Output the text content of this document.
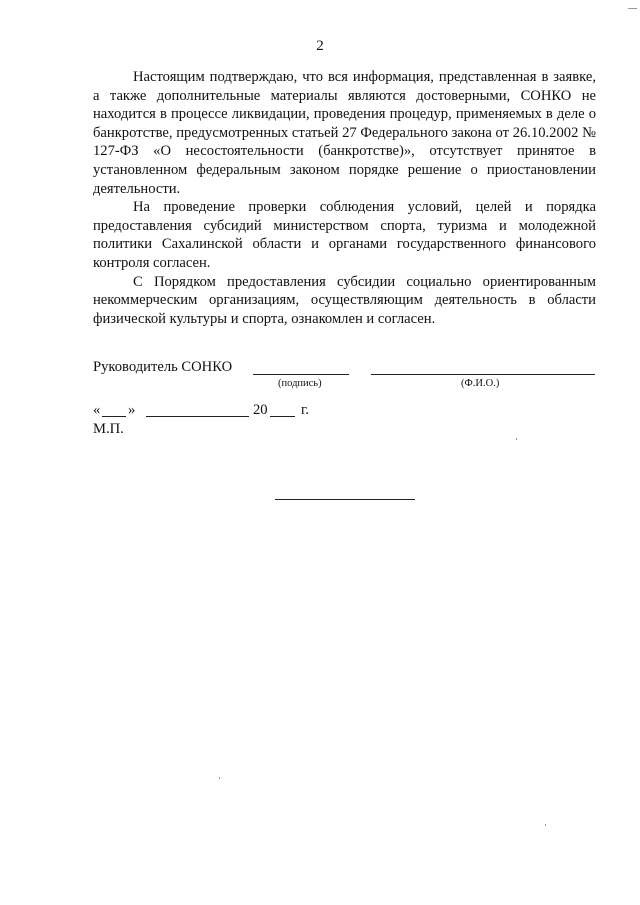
2

Настоящим подтверждаю, что вся информация, представленная в заявке, а также дополнительные материалы являются достоверными, СОНКО не находится в процессе ликвидации, проведения процедур, применяемых в деле о банкротстве, предусмотренных статьей 27 Федерального закона от 26.10.2002 № 127-ФЗ «О несостоятельности (банкротстве)», отсутствует принятое в установленном федеральным законом порядке решение о приостановлении деятельности.

На проведение проверки соблюдения условий, целей и порядка предоставления субсидий министерством спорта, туризма и молодежной политики Сахалинской области и органами государственного финансового контроля согласен.

С Порядком предоставления субсидии социально ориентированным некоммерческим организациям, осуществляющим деятельность в области физической культуры и спорта, ознакомлен и согласен.

Руководитель СОНКО
(подпись)	(Ф.И.О.)
« »	20 г.
М.П.
